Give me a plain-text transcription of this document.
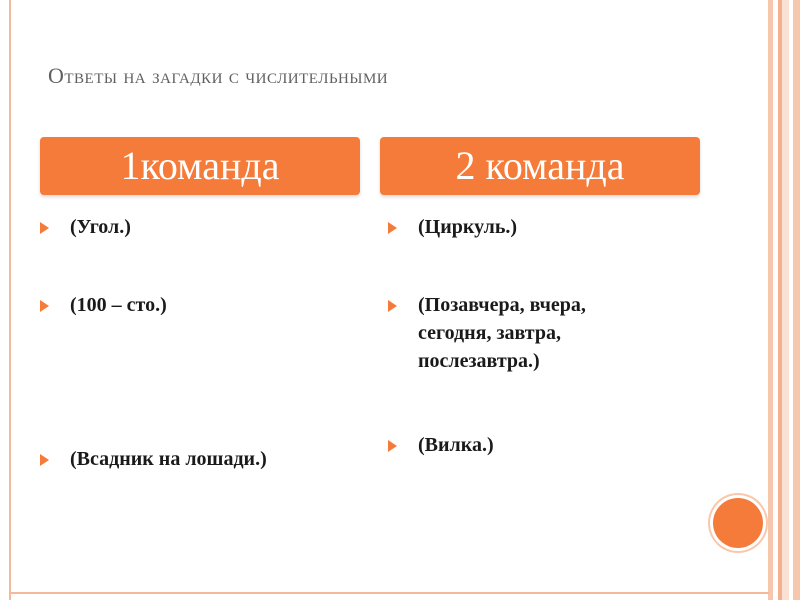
Ответы на загадки с числительными
1команда	2 команда
(Угол.)
(100 – сто.)
(Всадник на лошади.)
(Циркуль.)
(Позавчера, вчера,
сегодня, завтра,
послезавтра.)
(Вилка.)
